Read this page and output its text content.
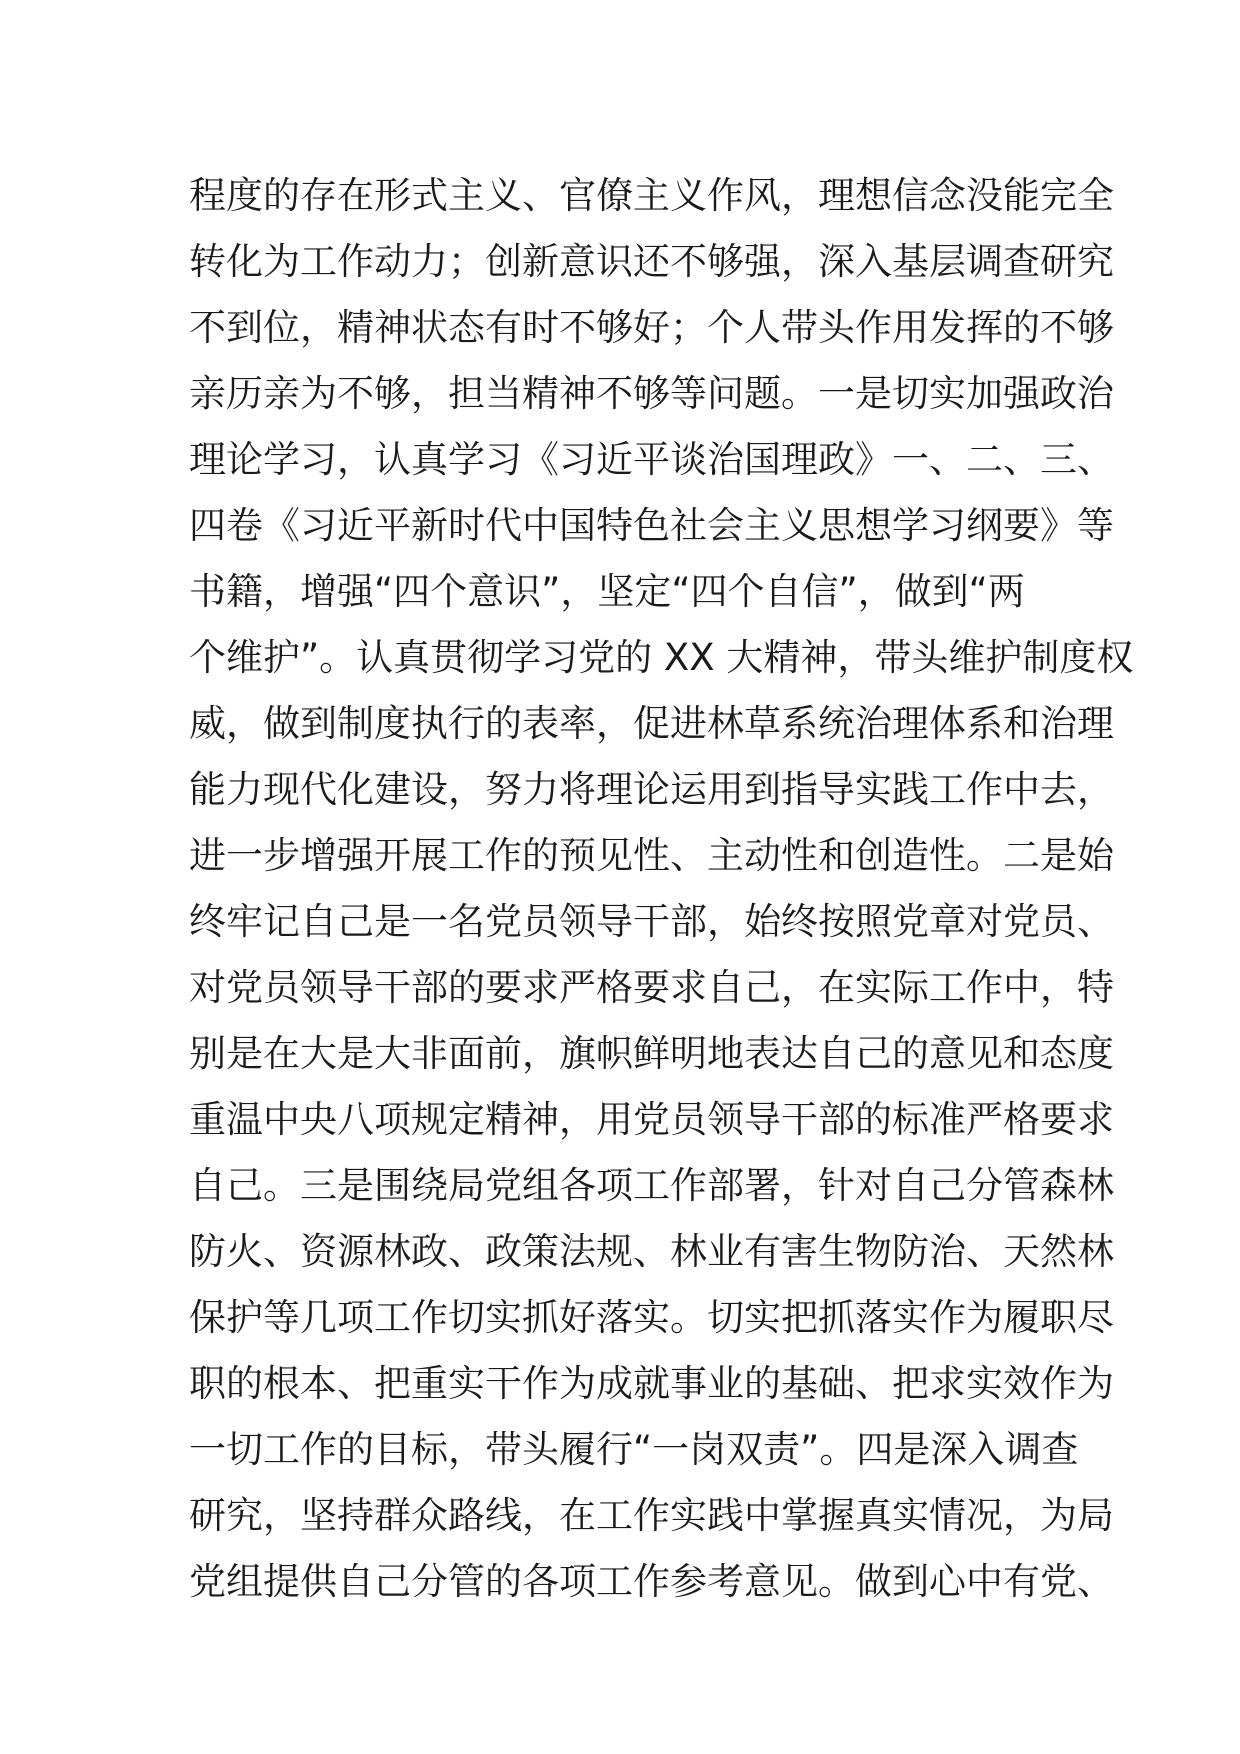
程度的存在形式主义、官僚主义作风，理想信念没能完全
转化为工作动力；创新意识还不够强，深入基层调查研究
不到位，精神状态有时不够好；个人带头作用发挥的不够
亲历亲为不够，担当精神不够等问题。一是切实加强政治
理论学习，认真学习《习近平谈治国理政》一、二、三、
四卷《习近平新时代中国特色社会主义思想学习纲要》等
书籍，增强“四个意识”，坚定“四个自信”，做到“两
个维护”。认真贯彻学习党的 XX 大精神，带头维护制度权
威，做到制度执行的表率，促进林草系统治理体系和治理
能力现代化建设，努力将理论运用到指导实践工作中去，
进一步增强开展工作的预见性、主动性和创造性。二是始
终牢记自己是一名党员领导干部，始终按照党章对党员、
对党员领导干部的要求严格要求自己，在实际工作中，特
别是在大是大非面前，旗帜鲜明地表达自己的意见和态度
重温中央八项规定精神，用党员领导干部的标准严格要求
自己。三是围绕局党组各项工作部署，针对自己分管森林
防火、资源林政、政策法规、林业有害生物防治、天然林
保护等几项工作切实抓好落实。切实把抓落实作为履职尽
职的根本、把重实干作为成就事业的基础、把求实效作为
一切工作的目标，带头履行“一岗双责”。四是深入调查
研究，坚持群众路线，在工作实践中掌握真实情况，为局
党组提供自己分管的各项工作参考意见。做到心中有党、
